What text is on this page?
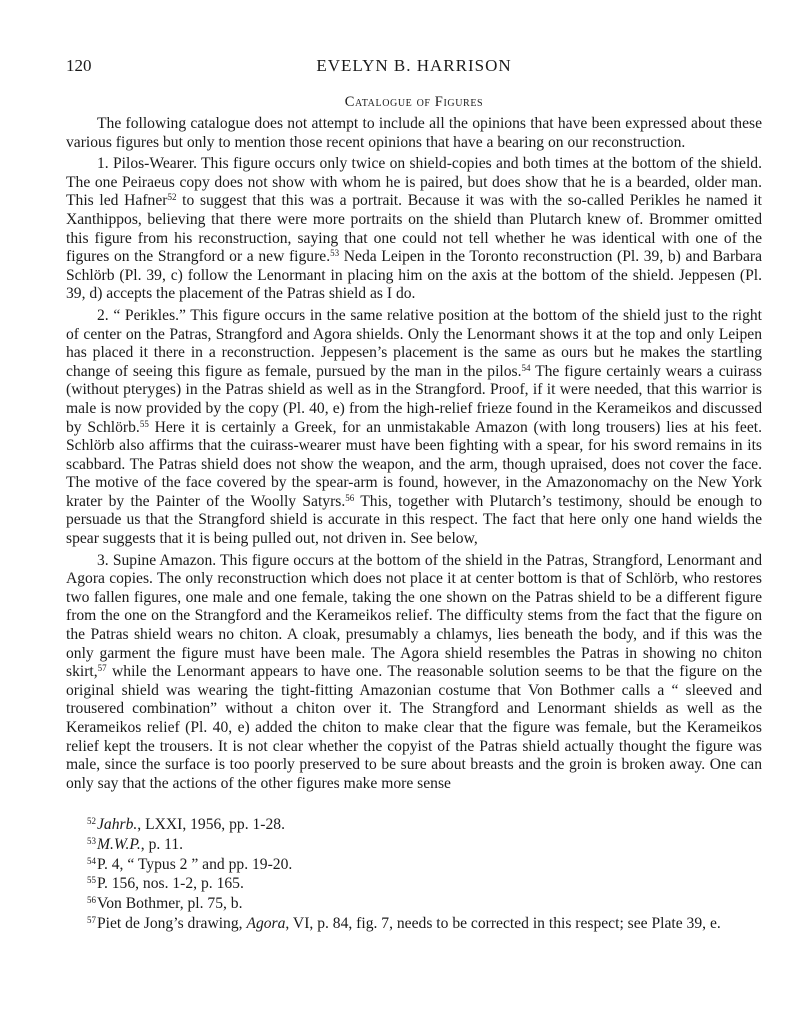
120	EVELYN B. HARRISON
Catalogue of Figures

The following catalogue does not attempt to include all the opinions that have been expressed about these various figures but only to mention those recent opinions that have a bearing on our reconstruction.

1. Pilos-Wearer. This figure occurs only twice on shield-copies and both times at the bottom of the shield. The one Peiraeus copy does not show with whom he is paired, but does show that he is a bearded, older man. This led Hafner$^{52}$ to suggest that this was a portrait. Because it was with the so-called Perikles he named it Xanthippos, believing that there were more portraits on the shield than Plutarch knew of. Brommer omitted this figure from his reconstruction, saying that one could not tell whether he was identical with one of the figures on the Strangford or a new figure.$^{53}$ Neda Leipen in the Toronto reconstruction (Pl. 39, b) and Barbara Schlörb (Pl. 39, c) follow the Lenormant in placing him on the axis at the bottom of the shield. Jeppesen (Pl. 39, d) accepts the placement of the Patras shield as I do.

2. “ Perikles.” This figure occurs in the same relative position at the bottom of the shield just to the right of center on the Patras, Strangford and Agora shields. Only the Lenormant shows it at the top and only Leipen has placed it there in a reconstruction. Jeppesen’s placement is the same as ours but he makes the startling change of seeing this figure as female, pursued by the man in the pilos.$^{54}$ The figure certainly wears a cuirass (without pteryges) in the Patras shield as well as in the Strangford. Proof, if it were needed, that this warrior is male is now provided by the copy (Pl. 40, e) from the high-relief frieze found in the Kerameikos and discussed by Schlörb.$^{55}$ Here it is certainly a Greek, for an unmistakable Amazon (with long trousers) lies at his feet. Schlörb also affirms that the cuirass-wearer must have been fighting with a spear, for his sword remains in its scabbard. The Patras shield does not show the weapon, and the arm, though upraised, does not cover the face. The motive of the face covered by the spear-arm is found, however, in the Amazonomachy on the New York krater by the Painter of the Woolly Satyrs.$^{56}$ This, together with Plutarch’s testimony, should be enough to persuade us that the Strangford shield is accurate in this respect. The fact that here only one hand wields the spear suggests that it is being pulled out, not driven in. See below,

3. Supine Amazon. This figure occurs at the bottom of the shield in the Patras, Strangford, Lenormant and Agora copies. The only reconstruction which does not place it at center bottom is that of Schlörb, who restores two fallen figures, one male and one female, taking the one shown on the Patras shield to be a different figure from the one on the Strangford and the Kerameikos relief. The difficulty stems from the fact that the figure on the Patras shield wears no chiton. A cloak, presumably a chlamys, lies beneath the body, and if this was the only garment the figure must have been male. The Agora shield resembles the Patras in showing no chiton skirt,$^{57}$ while the Lenormant appears to have one. The reasonable solution seems to be that the figure on the original shield was wearing the tight-fitting Amazonian costume that Von Bothmer calls a “ sleeved and trousered combination” without a chiton over it. The Strangford and Lenormant shields as well as the Kerameikos relief (Pl. 40, e) added the chiton to make clear that the figure was female, but the Kerameikos relief kept the trousers. It is not clear whether the copyist of the Patras shield actually thought the figure was male, since the surface is too poorly preserved to be sure about breasts and the groin is broken away. One can only say that the actions of the other figures make more sense

$^{52}$Jahrb., LXXI, 1956, pp. 1-28.
$^{53}$M.W.P., p. 11.
$^{54}$P. 4, “ Typus 2 ” and pp. 19-20.
$^{55}$P. 156, nos. 1-2, p. 165.
$^{56}$Von Bothmer, pl. 75, b.
$^{57}$Piet de Jong’s drawing, Agora, VI, p. 84, fig. 7, needs to be corrected in this respect; see Plate 39, e.
